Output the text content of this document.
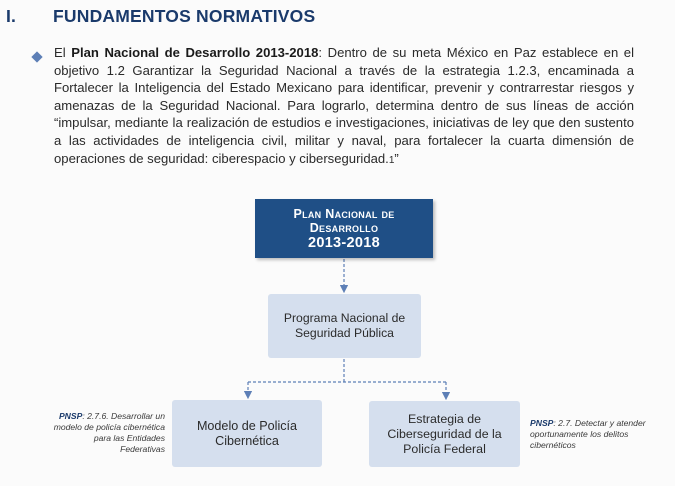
I. FUNDAMENTOS NORMATIVOS

El Plan Nacional de Desarrollo 2013-2018: Dentro de su meta México en Paz establece en el objetivo 1.2 Garantizar la Seguridad Nacional a través de la estrategia 1.2.3, encaminada a Fortalecer la Inteligencia del Estado Mexicano para identificar, prevenir y contrarrestar riesgos y amenazas de la Seguridad Nacional. Para lograrlo, determina dentro de sus líneas de acción “impulsar, mediante la realización de estudios e investigaciones, iniciativas de ley que den sustento a las actividades de inteligencia civil, militar y naval, para fortalecer la cuarta dimensión de operaciones de seguridad: ciberespacio y ciberseguridad.1”

Plan Nacional de
Desarrollo
2013-2018
Programa Nacional de
Seguridad Pública
Modelo de Policía
Cibernética
Estrategia de
Ciberseguridad de la
Policía Federal
PNSP: 2.7.6. Desarrollar un modelo de policía cibernética para las Entidades Federativas
PNSP: 2.7. Detectar y atender oportunamente los delitos cibernéticos
